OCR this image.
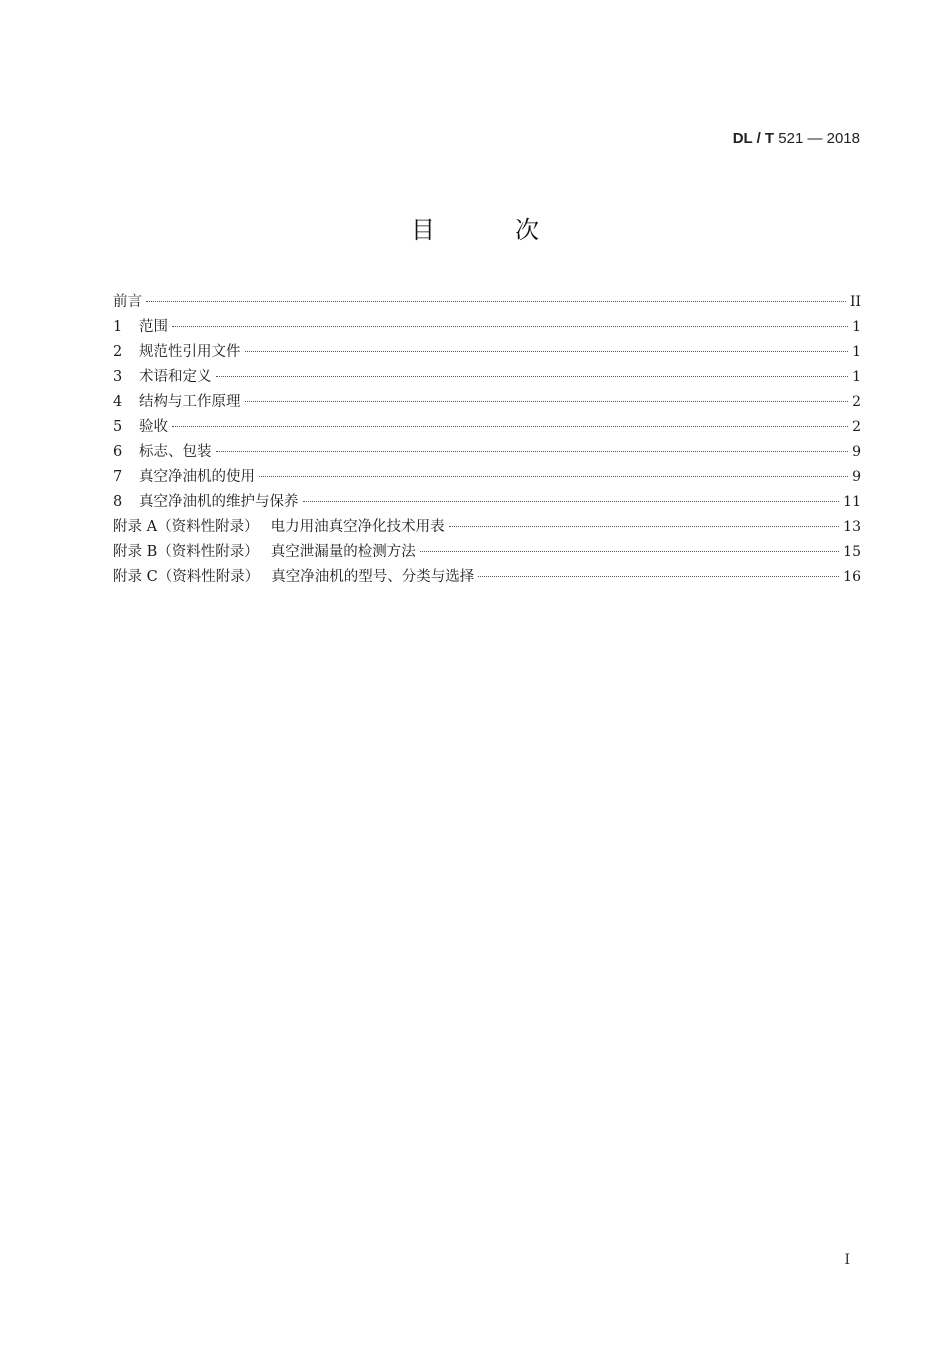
DL / T 521 — 2018
目	次
前言	II
1	范围	1
2	规范性引用文件	1
3	术语和定义	1
4	结构与工作原理	2
5	验收	2
6	标志、包装	9
7	真空净油机的使用	9
8	真空净油机的维护与保养	11
附录 A（资料性附录） 电力用油真空净化技术用表	13
附录 B（资料性附录） 真空泄漏量的检测方法	15
附录 C（资料性附录） 真空净油机的型号、分类与选择	16
I
